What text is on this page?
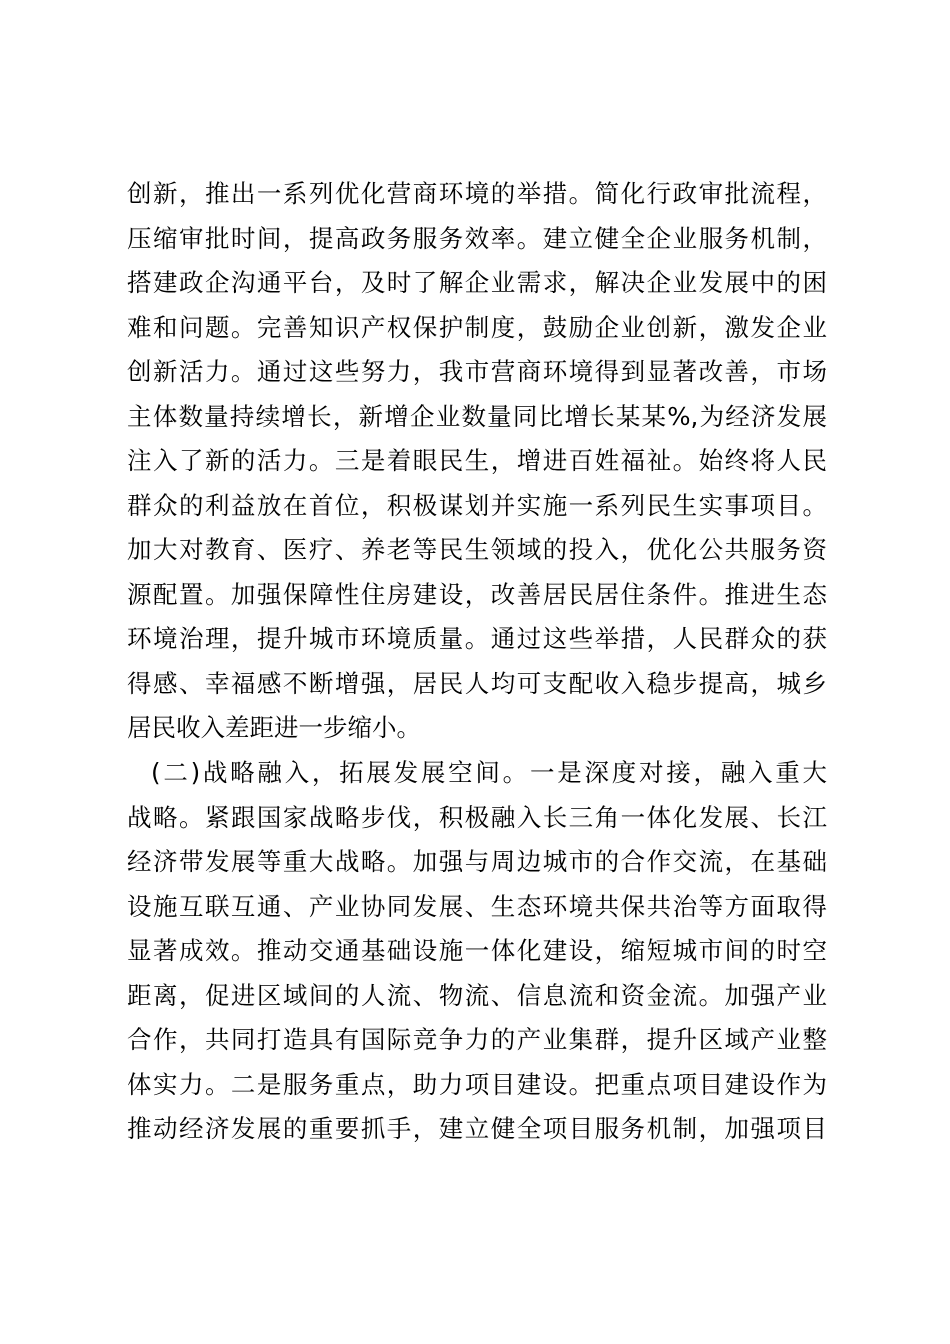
创新，推出一系列优化营商环境的举措。简化行政审批流程，
压缩审批时间，提高政务服务效率。建立健全企业服务机制，
搭建政企沟通平台，及时了解企业需求，解决企业发展中的困
难和问题。完善知识产权保护制度，鼓励企业创新，激发企业
创新活力。通过这些努力，我市营商环境得到显著改善，市场
主体数量持续增长，新增企业数量同比增长某某%,为经济发展
注入了新的活力。三是着眼民生，增进百姓福祉。始终将人民
群众的利益放在首位，积极谋划并实施一系列民生实事项目。
加大对教育、医疗、养老等民生领域的投入，优化公共服务资
源配置。加强保障性住房建设，改善居民居住条件。推进生态
环境治理，提升城市环境质量。通过这些举措，人民群众的获
得感、幸福感不断增强，居民人均可支配收入稳步提高，城乡
居民收入差距进一步缩小。
(二)战略融入，拓展发展空间。一是深度对接，融入重大
战略。紧跟国家战略步伐，积极融入长三角一体化发展、长江
经济带发展等重大战略。加强与周边城市的合作交流，在基础
设施互联互通、产业协同发展、生态环境共保共治等方面取得
显著成效。推动交通基础设施一体化建设，缩短城市间的时空
距离，促进区域间的人流、物流、信息流和资金流。加强产业
合作，共同打造具有国际竞争力的产业集群，提升区域产业整
体实力。二是服务重点，助力项目建设。把重点项目建设作为
推动经济发展的重要抓手，建立健全项目服务机制，加强项目
